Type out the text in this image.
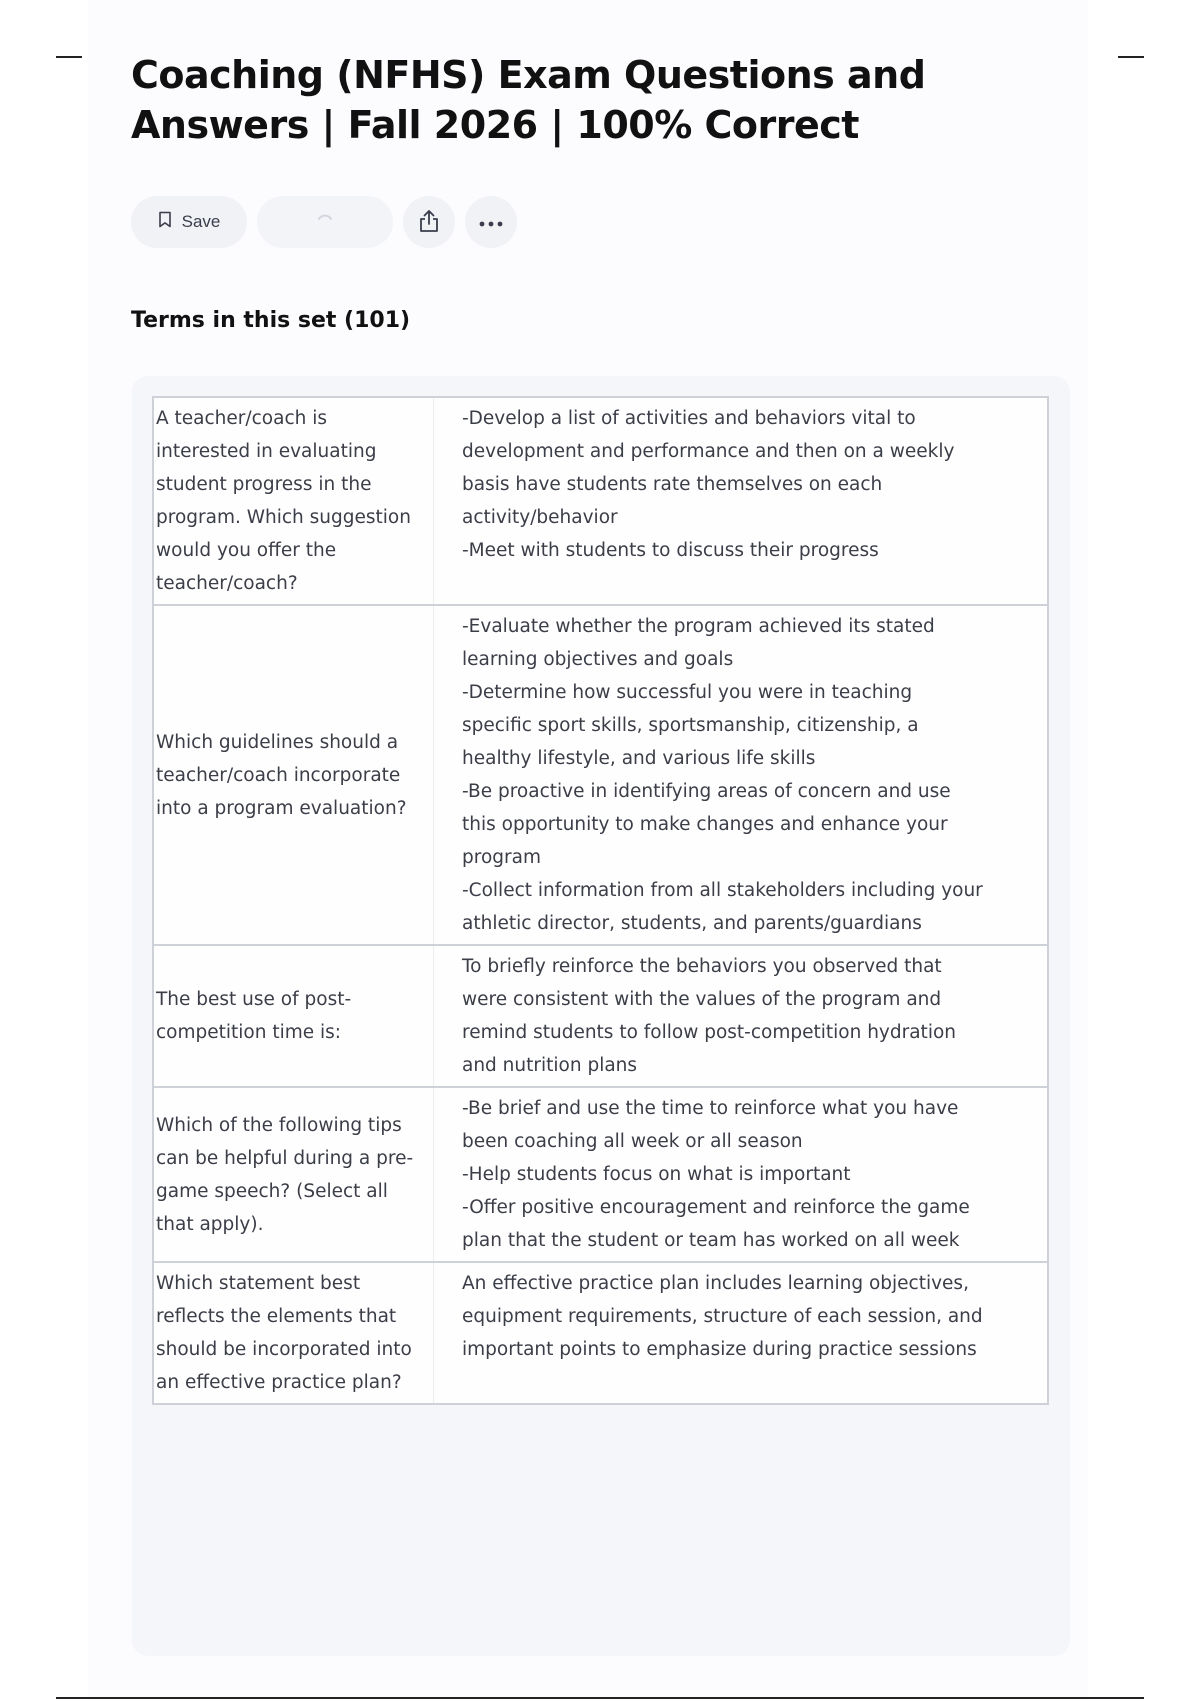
Coaching (NFHS) Exam Questions and Answers | Fall 2026 | 100% Correct
Save
Terms in this set (101)
A teacher/coach is interested in evaluating student progress in the program. Which suggestion would you offer the teacher/coach?	-Develop a list of activities and behaviors vital to development and performance and then on a weekly basis have students rate themselves on each activity/behavior
-Meet with students to discuss their progress

Which guidelines should a teacher/coach incorporate into a program evaluation?	-Evaluate whether the program achieved its stated learning objectives and goals
-Determine how successful you were in teaching specific sport skills, sportsmanship, citizenship, a healthy lifestyle, and various life skills
-Be proactive in identifying areas of concern and use this opportunity to make changes and enhance your program
-Collect information from all stakeholders including your athletic director, students, and parents/guardians

The best use of post-competition time is:	To briefly reinforce the behaviors you observed that were consistent with the values of the program and remind students to follow post-competition hydration and nutrition plans

Which of the following tips can be helpful during a pre-game speech? (Select all that apply).	-Be brief and use the time to reinforce what you have been coaching all week or all season
-Help students focus on what is important
-Offer positive encouragement and reinforce the game plan that the student or team has worked on all week

Which statement best reflects the elements that should be incorporated into an effective practice plan?	An effective practice plan includes learning objectives, equipment requirements, structure of each session, and important points to emphasize during practice sessions
